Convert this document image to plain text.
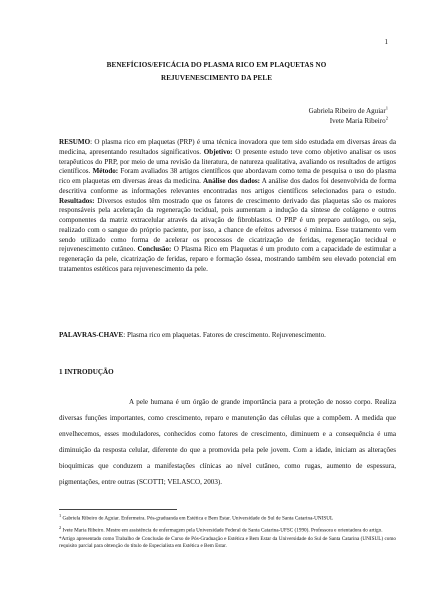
1
BENEFÍCIOS/EFICÁCIA DO PLASMA RICO EM PLAQUETAS NO
REJUVENESCIMENTO DA PELE
Gabriela Ribeiro de Aguiar$^1$
Ivete Maria Ribeiro$^2$
RESUMO: O plasma rico em plaquetas (PRP) é uma técnica inovadora que tem sido estudada em diversas áreas da medicina, apresentando resultados significativos. Objetivo: O presente estudo teve como objetivo analisar os usos terapêuticos do PRP, por meio de uma revisão da literatura, de natureza qualitativa, avaliando os resultados de artigos científicos. Método: Foram avaliados 38 artigos científicos que abordavam como tema de pesquisa o uso do plasma rico em plaquetas em diversas áreas da medicina. Análise dos dados: A análise dos dados foi desenvolvida de forma descritiva conforme as informações relevantes encontradas nos artigos científicos selecionados para o estudo. Resultados: Diversos estudos têm mostrado que os fatores de crescimento derivado das plaquetas são os maiores responsáveis pela aceleração da regeneração tecidual, pois aumentam a indução da síntese de colágeno e outros componentes da matriz extracelular através da ativação de fibroblastos. O PRP é um preparo autólogo, ou seja, realizado com o sangue do próprio paciente, por isso, a chance de efeitos adversos é mínima. Esse tratamento vem sendo utilizado como forma de acelerar os processos de cicatrização de feridas, regeneração tecidual e rejuvenescimento cutâneo. Conclusão: O Plasma Rico em Plaquetas é um produto com a capacidade de estimular a regeneração da pele, cicatrização de feridas, reparo e formação óssea, mostrando também seu elevado potencial em tratamentos estéticos para rejuvenescimento da pele.
PALAVRAS-CHAVE: Plasma rico em plaquetas. Fatores de crescimento. Rejuvenescimento.
1 INTRODUÇÃO

A pele humana é um órgão de grande importância para a proteção de nosso corpo. Realiza diversas funções importantes, como crescimento, reparo e manutenção das células que a compõem. A medida que envelhecemos, esses moduladores, conhecidos como fatores de crescimento, diminuem e a consequência é uma diminuição da resposta celular, diferente do que a promovida pela pele jovem. Com a idade, iniciam as alterações bioquímicas que conduzem a manifestações clínicas ao nível cutâneo, como rugas, aumento de espessura, pigmentações, entre outras (SCOTTI; VELASCO, 2003).

$^1$ Gabriela Ribeiro de Aguiar. Enfermeira. Pós-graduanda em Estética e Bem Estar. Universidade do Sul de Santa Catarina-UNISUL

$^2$ Ivete Maria Ribeiro. Mestre em assistência de enfermagem pela Universidade Federal de Santa Catarina-UFSC (1990). Professora e orientadora do artigo.

*Artigo apresentado como Trabalho de Conclusão de Curso de Pós-Graduação e Estética e Bem Estar da Universidade do Sul de Santa Catarina (UNISUL) como requisito parcial para obtenção do título de Especialista em Estética e Bem Estar.
